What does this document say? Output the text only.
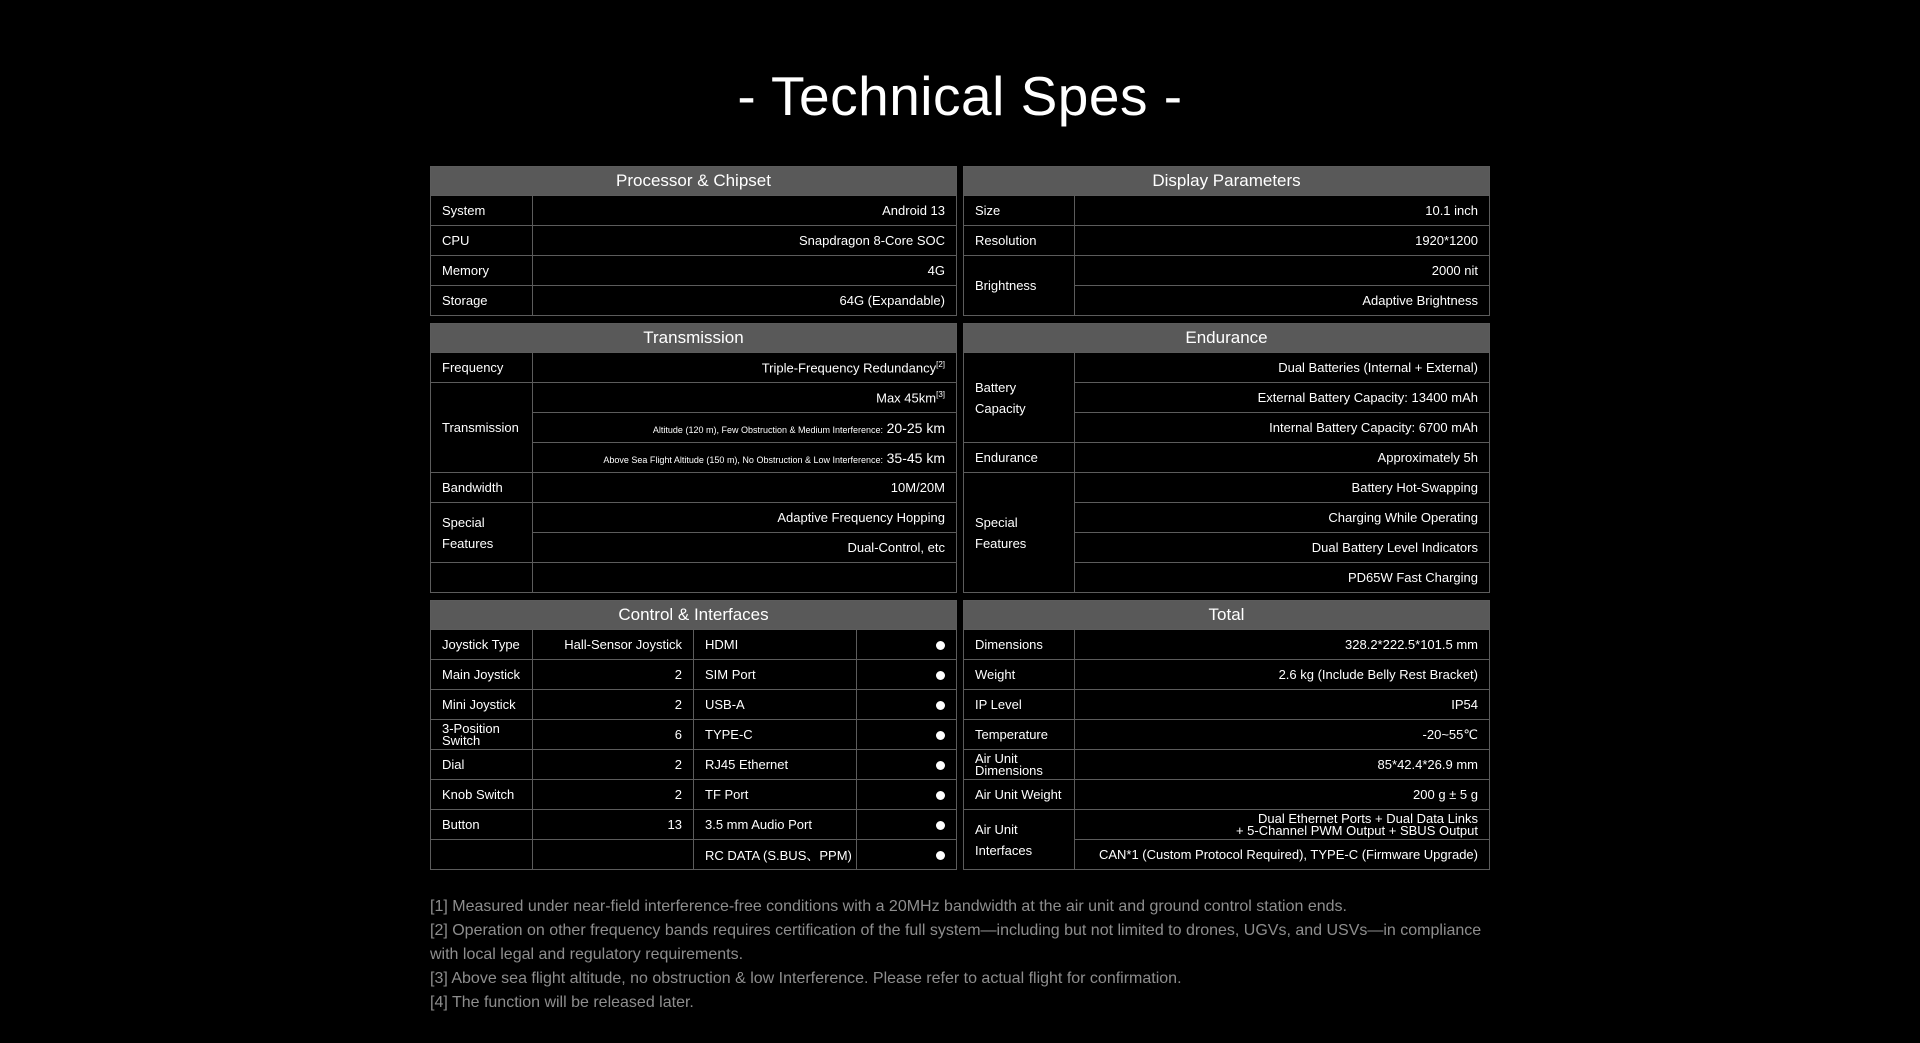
- Technical Spes -
Processor & Chipset	
System	Android 13
CPU	Snapdragon 8-Core SOC
Memory	4G
Storage	64G (Expandable)
Display Parameters	
Size	10.1 inch
Resolution	1920*1200
Brightness	2000 nit
	Adaptive Brightness
Transmission	
Frequency	Triple-Frequency Redundancy[2]
Transmission	Max 45km[3]
	Altitude (120 m), Few Obstruction & Medium Interference: 20-25 km
	Above Sea Flight Altitude (150 m), No Obstruction & Low Interference: 35-45 km
Bandwidth	10M/20M
Special Features	Adaptive Frequency Hopping
	Dual-Control, etc

Endurance	
Battery Capacity	Dual Batteries (Internal + External)
	External Battery Capacity: 13400 mAh
	Internal Battery Capacity: 6700 mAh
Endurance	Approximately 5h
Special Features	Battery Hot-Swapping
	Charging While Operating
	Dual Battery Level Indicators
	PD65W Fast Charging
Control & Interfaces			
Joystick Type	Hall-Sensor Joystick	HDMI	
Main Joystick	2	SIM Port	
Mini Joystick	2	USB-A	
3-Position Switch	6	TYPE-C	
Dial	2	RJ45 Ethernet	
Knob Switch	2	TF Port	
Button	13	3.5 mm Audio Port	
		RC DATA (S.BUS、PPM)	
Total	
Dimensions	328.2*222.5*101.5 mm
Weight	2.6 kg (Include Belly Rest Bracket)
IP Level	IP54
Temperature	-20~55℃
Air Unit Dimensions	85*42.4*26.9 mm
Air Unit Weight	200 g ± 5 g
Air Unit Interfaces	Dual Ethernet Ports + Dual Data Links
+ 5-Channel PWM Output + SBUS Output

	CAN*1 (Custom Protocol Required), TYPE-C (Firmware Upgrade)

[1] Measured under near-field interference-free conditions with a 20MHz bandwidth at the air unit and ground control station ends.

[2] Operation on other frequency bands requires certification of the full system—including but not limited to drones, UGVs, and USVs—in compliance with local legal and regulatory requirements.

[3] Above sea flight altitude, no obstruction & low Interference. Please refer to actual flight for confirmation.

[4] The function will be released later.
